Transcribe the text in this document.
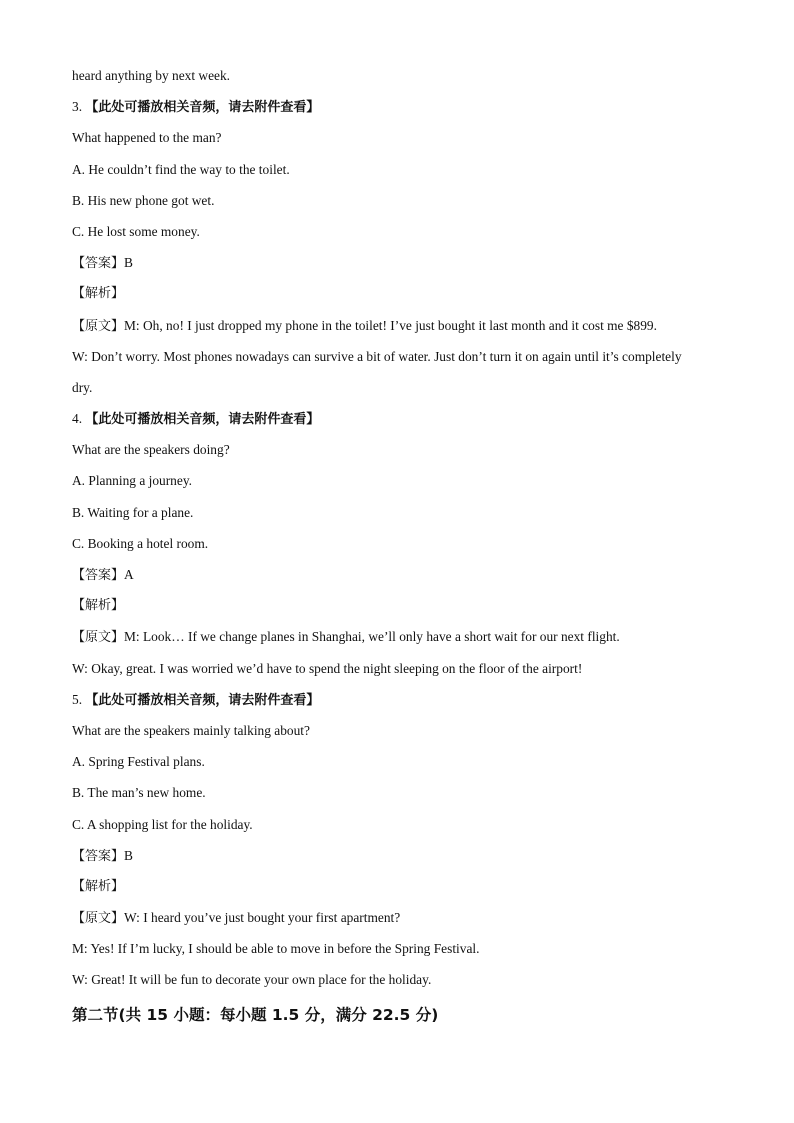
heard anything by next week.
3. 【此处可播放相关音频，请去附件查看】
What happened to the man?
A. He couldn’t find the way to the toilet.
B. His new phone got wet.
C. He lost some money.
【答案】B
【解析】
【原文】M: Oh, no! I just dropped my phone in the toilet! I’ve just bought it last month and it cost me $899.
W: Don’t worry. Most phones nowadays can survive a bit of water. Just don’t turn it on again until it’s completely
dry.
4. 【此处可播放相关音频，请去附件查看】
What are the speakers doing?
A. Planning a journey.
B. Waiting for a plane.
C. Booking a hotel room.
【答案】A
【解析】
【原文】M: Look… If we change planes in Shanghai, we’ll only have a short wait for our next flight.
W: Okay, great. I was worried we’d have to spend the night sleeping on the floor of the airport!
5. 【此处可播放相关音频，请去附件查看】
What are the speakers mainly talking about?
A. Spring Festival plans.
B. The man’s new home.
C. A shopping list for the holiday.
【答案】B
【解析】
【原文】W: I heard you’ve just bought your first apartment?
M: Yes! If I’m lucky, I should be able to move in before the Spring Festival.
W: Great! It will be fun to decorate your own place for the holiday.
第二节(共 15 小题：每小题 1.5 分，满分 22.5 分)
